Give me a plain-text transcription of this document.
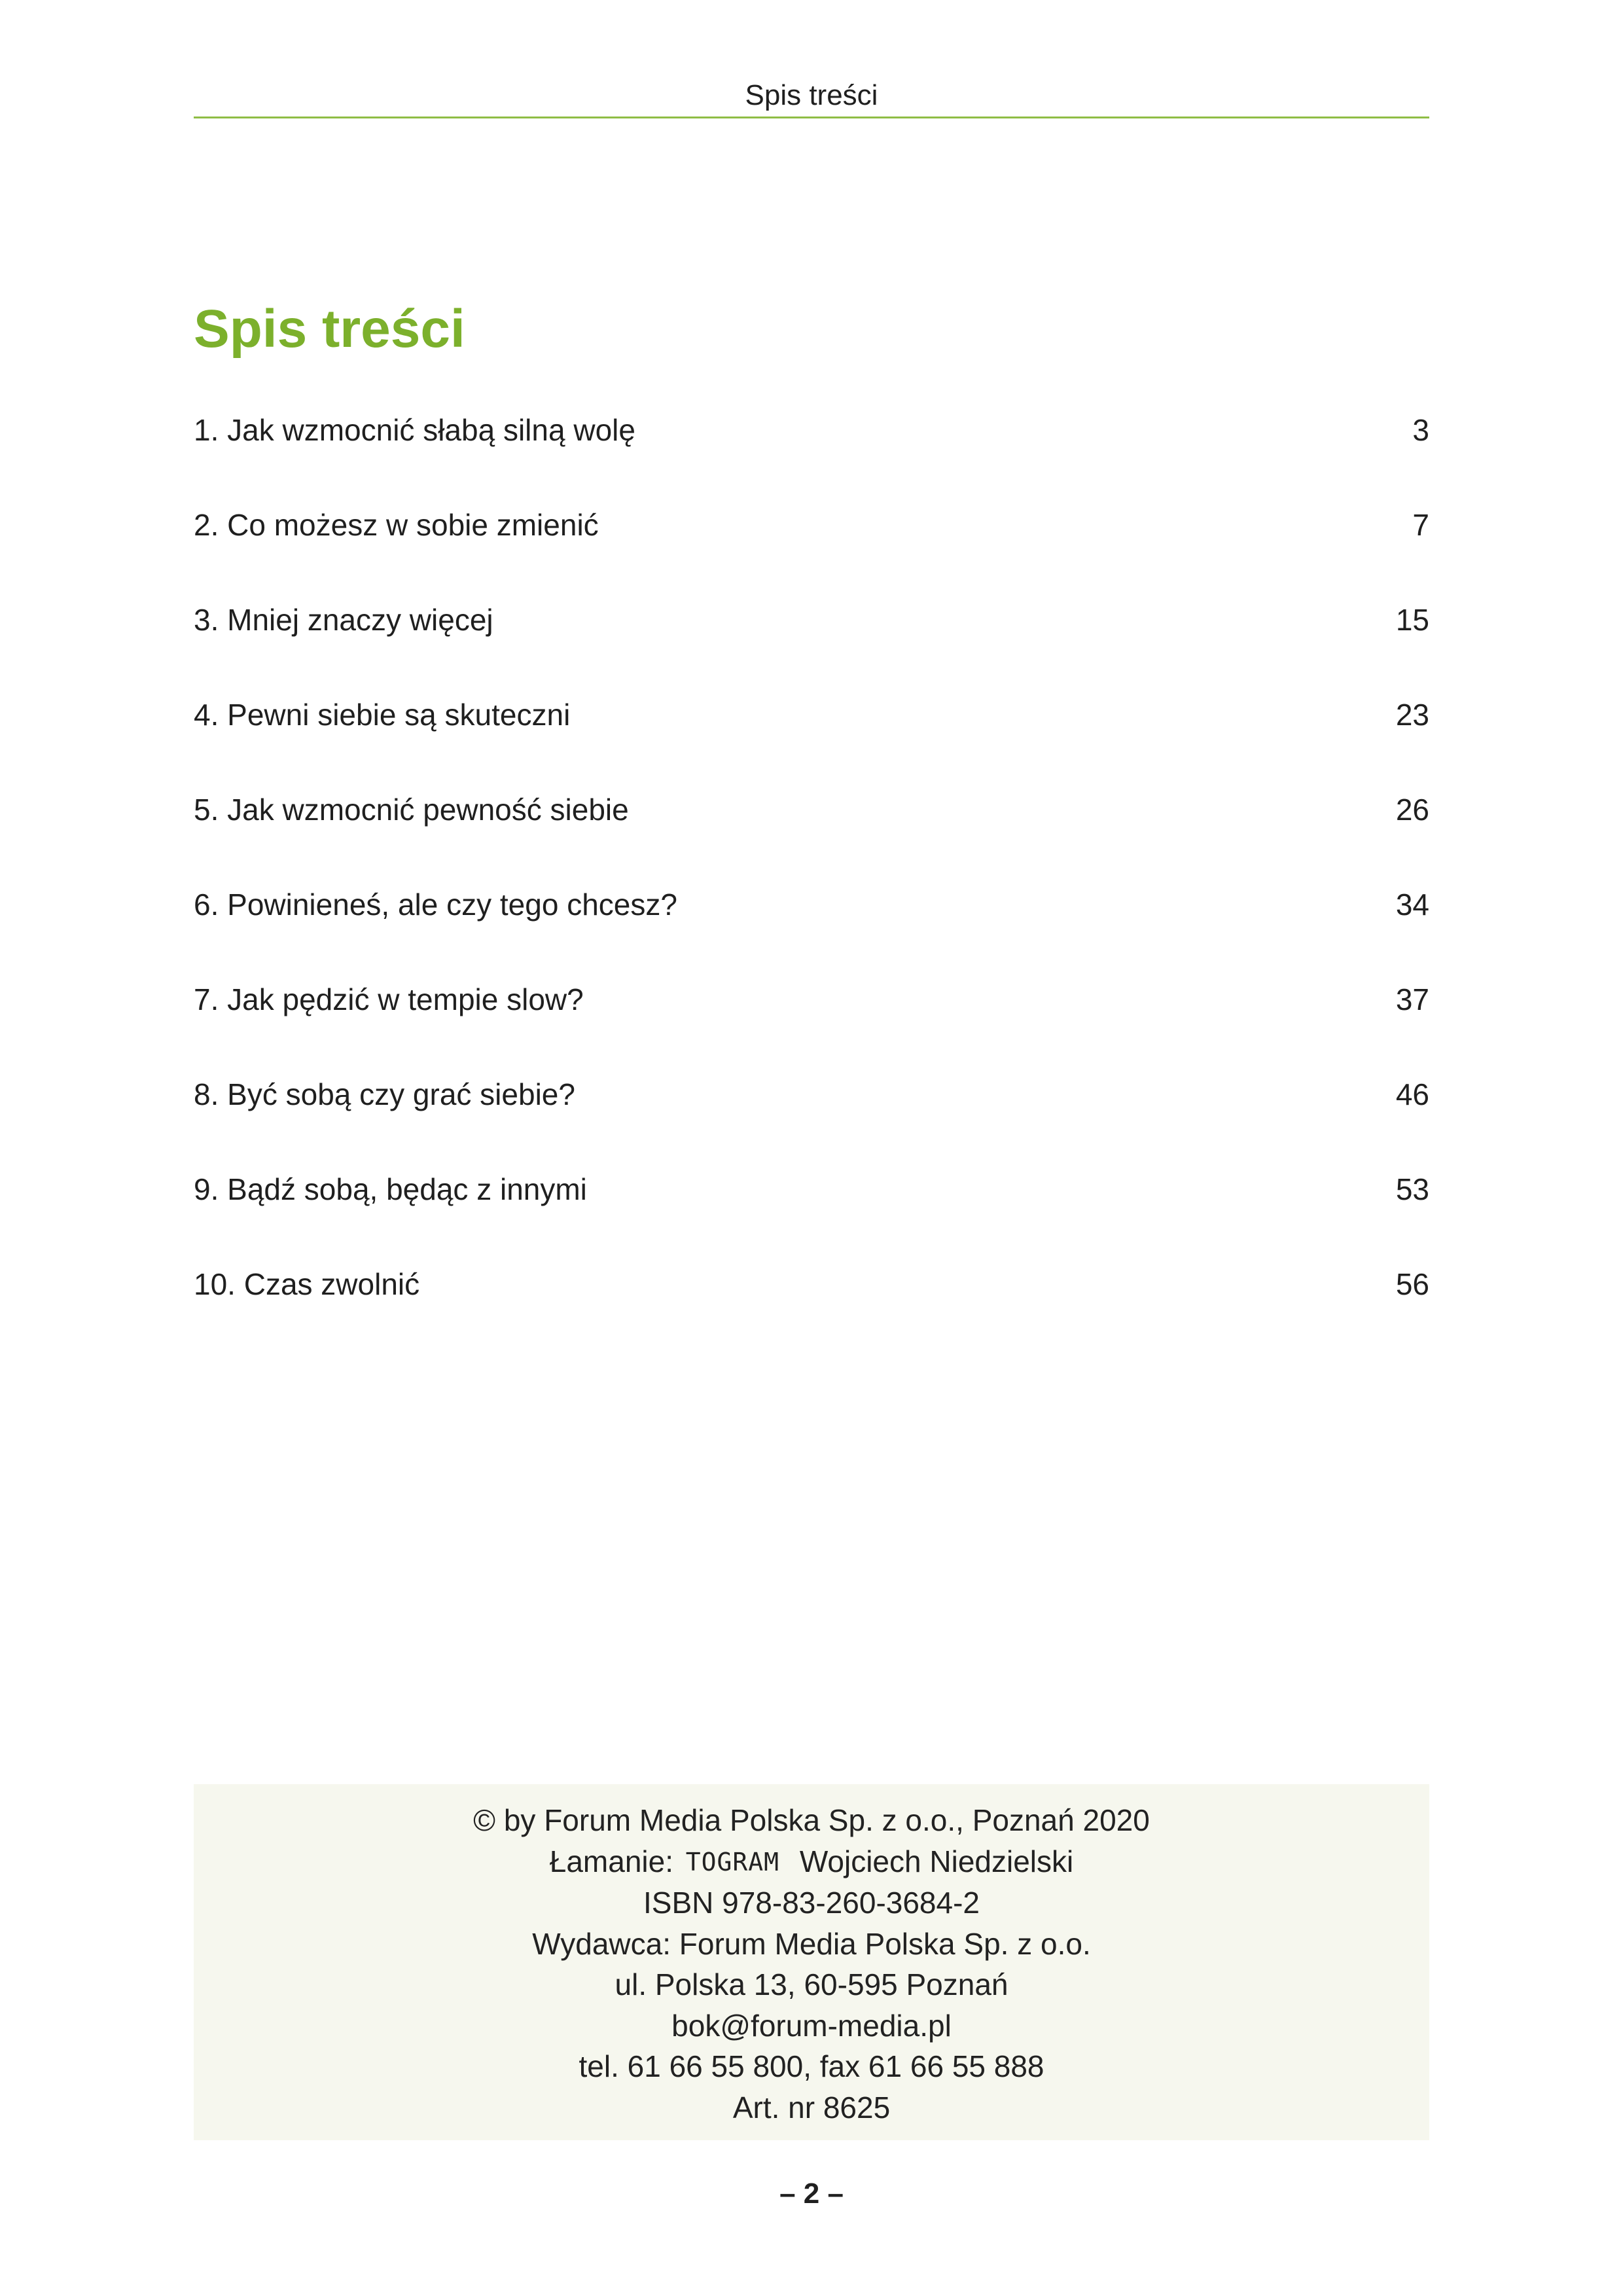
Spis treści
Spis treści
1. Jak wzmocnić słabą silną wolę	3
2. Co możesz w sobie zmienić	7
3. Mniej znaczy więcej	15
4. Pewni siebie są skuteczni	23
5. Jak wzmocnić pewność siebie	26
6. Powinieneś, ale czy tego chcesz?	34
7. Jak pędzić w tempie slow?	37
8. Być sobą czy grać siebie?	46
9. Bądź sobą, będąc z innymi	53
10. Czas zwolnić	56
© by Forum Media Polska Sp. z o.o., Poznań 2020
Łamanie: TOGRAM Wojciech Niedzielski
ISBN 978-83-260-3684-2
Wydawca: Forum Media Polska Sp. z o.o.
ul. Polska 13, 60-595 Poznań
bok@forum-media.pl
tel. 61 66 55 800, fax 61 66 55 888
Art. nr 8625
– 2 –
